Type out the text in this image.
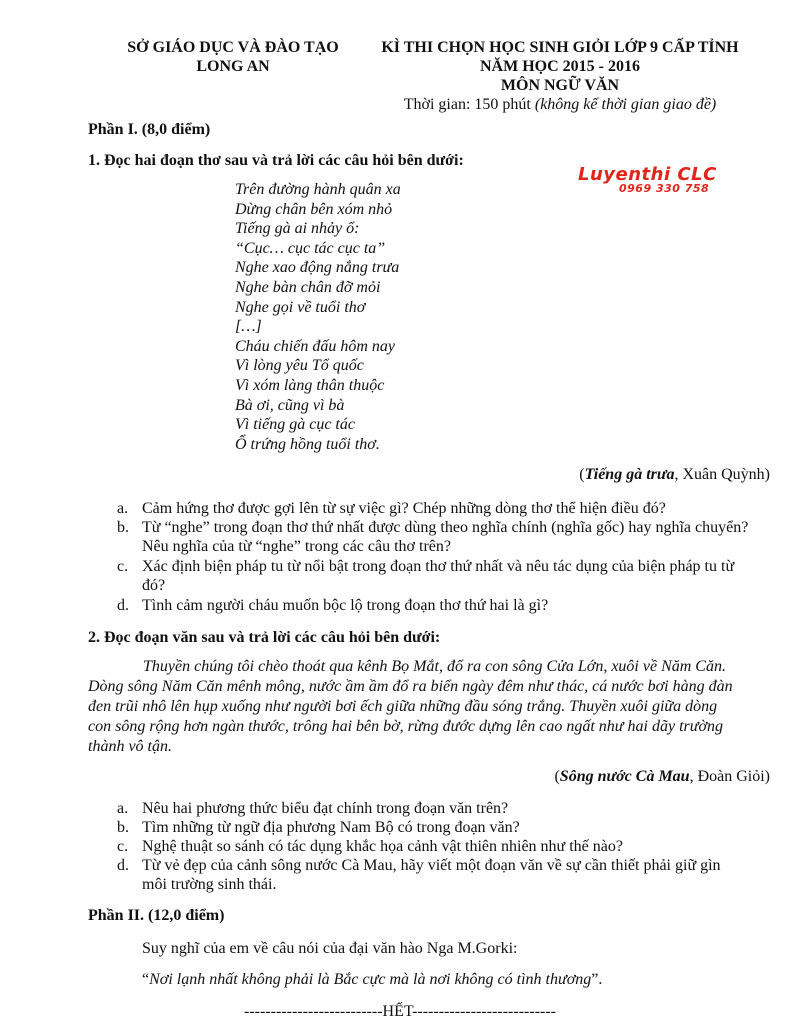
SỞ GIÁO DỤC VÀ ĐÀO TẠO
LONG AN
KÌ THI CHỌN HỌC SINH GIỎI LỚP 9 CẤP TỈNH
NĂM HỌC 2015 - 2016
MÔN NGỮ VĂN
Thời gian: 150 phút (không kể thời gian giao đề)
Luyenthi CLC
0969 330 758
Phần I. (8,0 điểm)
1. Đọc hai đoạn thơ sau và trả lời các câu hỏi bên dưới:
Trên đường hành quân xa
Dừng chân bên xóm nhỏ
Tiếng gà ai nhảy ổ:
“Cục… cục tác cục ta”
Nghe xao động nắng trưa
Nghe bàn chân đỡ mỏi
Nghe gọi về tuổi thơ
[…]
Cháu chiến đấu hôm nay
Vì lòng yêu Tổ quốc
Vì xóm làng thân thuộc
Bà ơi, cũng vì bà
Vì tiếng gà cục tác
Ổ trứng hồng tuổi thơ.
(Tiếng gà trưa, Xuân Quỳnh)
a. Cảm hứng thơ được gợi lên từ sự việc gì? Chép những dòng thơ thể hiện điều đó?
b. Từ “nghe” trong đoạn thơ thứ nhất được dùng theo nghĩa chính (nghĩa gốc) hay nghĩa chuyển?
Nêu nghĩa của từ “nghe” trong các câu thơ trên?
c. Xác định biện pháp tu từ nổi bật trong đoạn thơ thứ nhất và nêu tác dụng của biện pháp tu từ
đó?
d. Tình cảm người cháu muốn bộc lộ trong đoạn thơ thứ hai là gì?
2. Đọc đoạn văn sau và trả lời các câu hỏi bên dưới:
Thuyền chúng tôi chèo thoát qua kênh Bọ Mắt, đổ ra con sông Cửa Lớn, xuôi về Năm Căn.
Dòng sông Năm Căn mênh mông, nước ầm ầm đổ ra biển ngày đêm như thác, cá nước bơi hàng đàn
đen trũi nhô lên hụp xuống như người bơi ếch giữa những đầu sóng trắng. Thuyền xuôi giữa dòng
con sông rộng hơn ngàn thước, trông hai bên bờ, rừng đước dựng lên cao ngất như hai dãy trường
thành vô tận.
(Sông nước Cà Mau, Đoàn Giỏi)
a. Nêu hai phương thức biểu đạt chính trong đoạn văn trên?
b. Tìm những từ ngữ địa phương Nam Bộ có trong đoạn văn?
c. Nghệ thuật so sánh có tác dụng khắc họa cảnh vật thiên nhiên như thế nào?
d. Từ vẻ đẹp của cảnh sông nước Cà Mau, hãy viết một đoạn văn về sự cần thiết phải giữ gìn
môi trường sinh thái.
Phần II. (12,0 điểm)
Suy nghĩ của em về câu nói của đại văn hào Nga M.Gorki:
“Nơi lạnh nhất không phải là Bắc cực mà là nơi không có tình thương”.
--------------------------HẾT---------------------------
